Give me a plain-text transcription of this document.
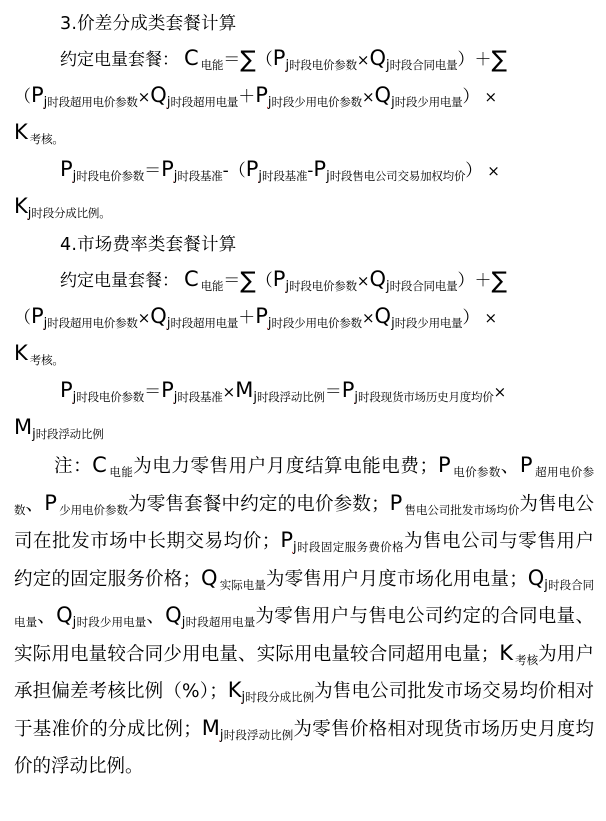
3.价差分成类套餐计算

约定电量套餐： C $_{电能}=\sum(P_{j时段电价参数}\times Q_{j时段合同电量})+\sum$

$(P_{j时段超用电价参数}\times Q_{j时段超用电量}+P_{j时段少用电价参数}\times Q_{j时段少用电量})$ ×

K $_{考核。}$

$P_{j时段电价参数}=P_{j时段基准}-(P_{j时段基准}-P_{j时段售电公司交易加权均价})$ ×

$K_{j时段分成比例。}$

4.市场费率类套餐计算

约定电量套餐： C $_{电能}=\sum(P_{j时段电价参数}\times Q_{j时段合同电量})+\sum$

$(P_{j时段超用电价参数}\times Q_{j时段超用电量}+P_{j时段少用电价参数}\times Q_{j时段少用电量})$ ×

K $_{考核。}$

$P_{j时段电价参数}=P_{j时段基准}\times M_{j时段浮动比例}=P_{j时段现货市场历史月度均价}\times$

$M_{j时段浮动比例}$

注：C $_{电能}$为电力零售用户月度结算电能电费；P $_{电价参数}$、P $_{超用电价参数}$、P $_{少用电价参数}$为零售套餐中约定的电价参数；P $_{售电公司批发市场均价}$为售电公司在批发市场中长期交易均价；$P_{j时段固定服务费价格}$为售电公司与零售用户约定的固定服务价格；Q $_{实际电量}$为零售用户月度市场化用电量；$Q_{j时段合同电量}$、$Q_{j时段少用电量}$、$Q_{j时段超用电量}$为零售用户与售电公司约定的合同电量、实际用电量较合同少用电量、实际用电量较合同超用电量；K $_{考核}$为用户承担偏差考核比例（%）；$K_{j时段分成比例}$为售电公司批发市场交易均价相对于基准价的分成比例；$M_{j时段浮动比例}$为零售价格相对现货市场历史月度均价的浮动比例。
